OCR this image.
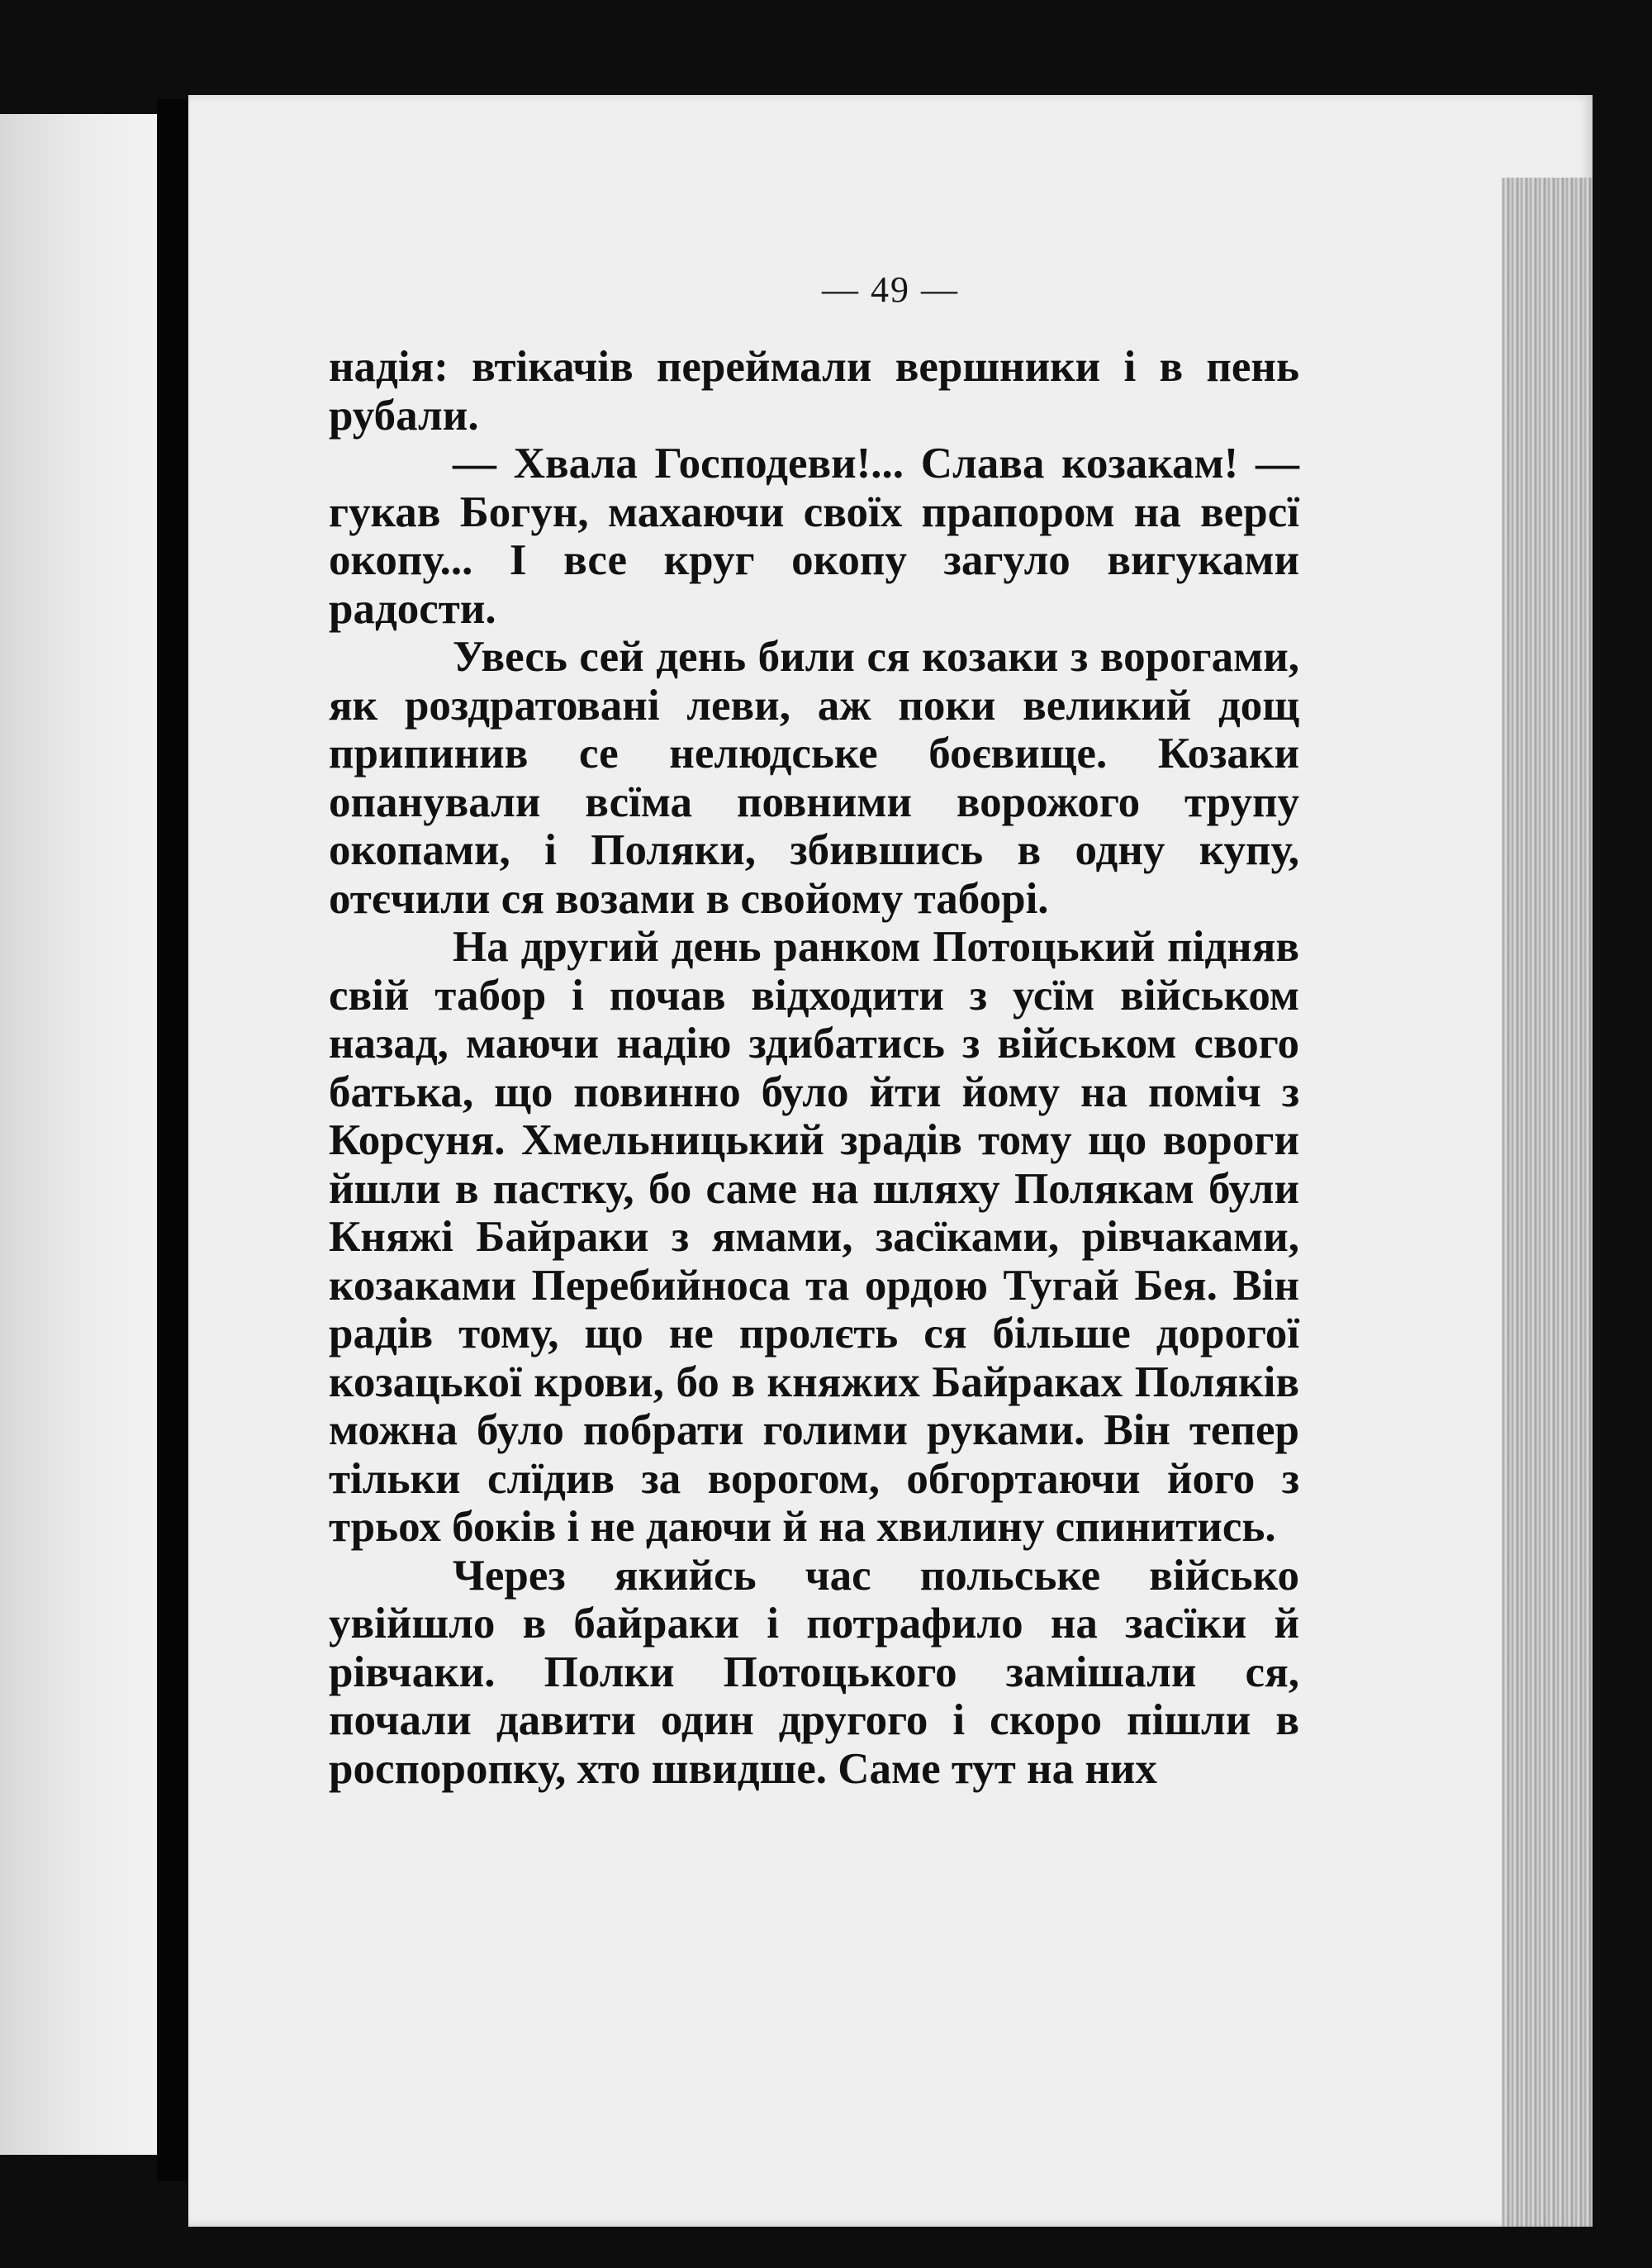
— 49 —

надія: втікачів переймали вершники і в пень рубали.

— Хвала Господеви!... Слава козакам! — гукав Богун, махаючи своїх прапором на версї окопу... І все круг окопу загуло вигуками радости.

Увесь сей день били ся козаки з ворогами, як роздратовані леви, аж поки великий дощ припинив се нелюдське боєвище. Козаки опанували всїма повними ворожого трупу окопами, і Поляки, збившись в одну купу, отєчили ся возами в свойому таборі.

На другий день ранком Потоцький підняв свій табор і почав відходити з усїм військом назад, маючи надію здибатись з військом свого батька, що повинно було йти йому на поміч з Корсуня. Хмельницький зрадів тому що вороги йшли в пастку, бо саме на шляху Полякам були Княжі Байраки з ямами, засїками, рівчаками, козаками Перебийноса та ордою Тугай Бея. Він радів тому, що не пролєть ся більше дорогої козацької крови, бо в княжих Байраках Поляків можна було побрати голими руками. Він тепер тільки слїдив за ворогом, обгортаючи його з трьох боків і не даючи й на хвилину спинитись.

Через якийсь час польське військо увійшло в байраки і потрафило на засїки й рівчаки. Полки Потоцького замішали ся, почали давити один другого і скоро пішли в роспоропку, хто швидше. Саме тут на них
